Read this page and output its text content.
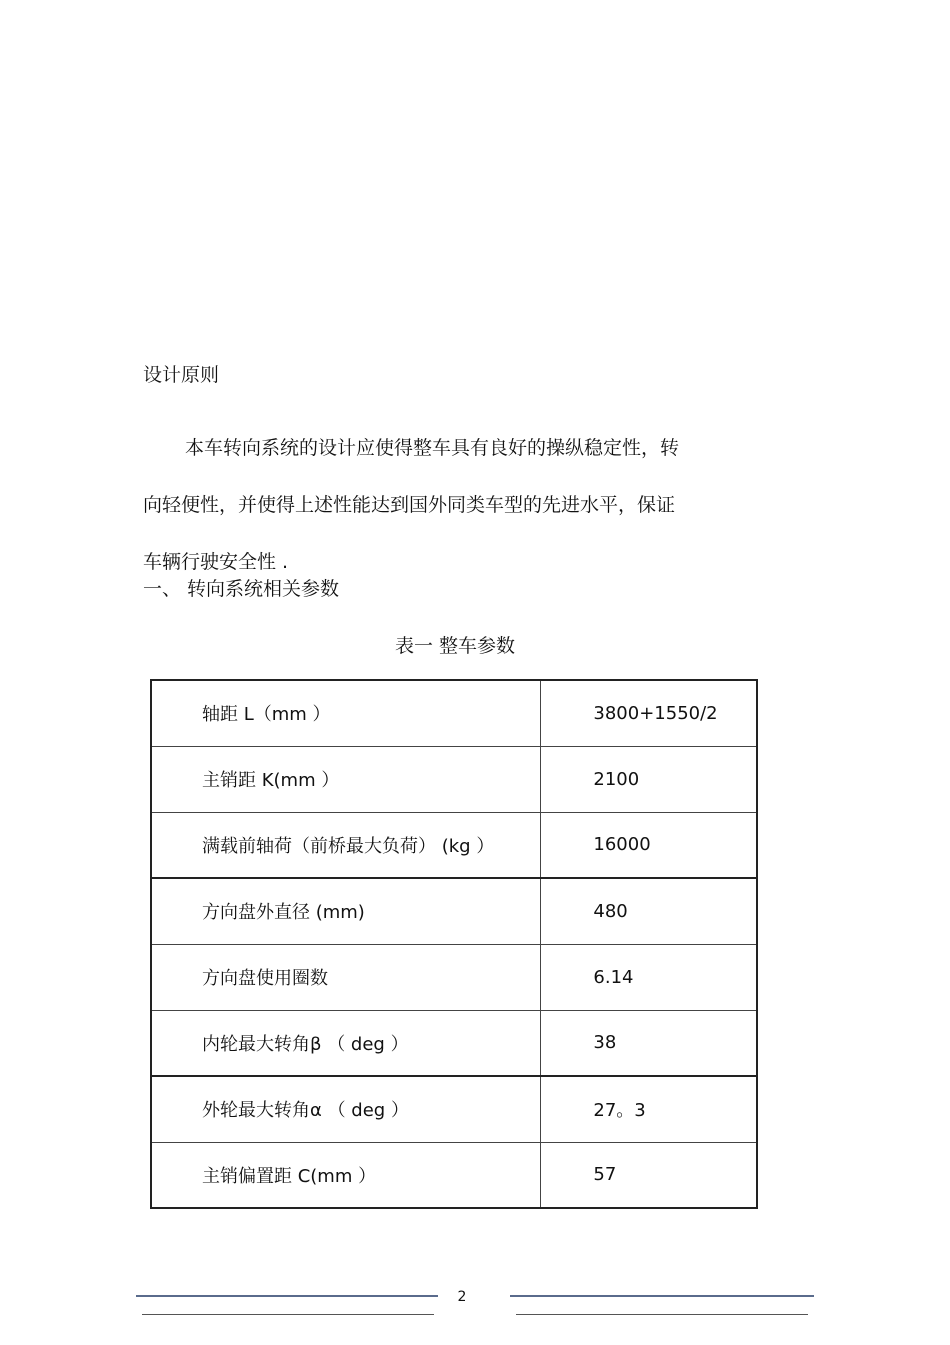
设计原则
本车转向系统的设计应使得整车具有良好的操纵稳定性，转
向轻便性，并使得上述性能达到国外同类车型的先进水平，保证
车辆行驶安全性 .
一、 转向系统相关参数
表一 整车参数
轴距 L（mm ）	3800+1550/2
主销距 K(mm ）	2100
满载前轴荷（前桥最大负荷） (kg ）	16000
方向盘外直径 (mm)	480
方向盘使用圈数	6.14
内轮最大转角β （ deg ）	38
外轮最大转角α （ deg ）	27。3
主销偏置距 C(mm ）	57
2
